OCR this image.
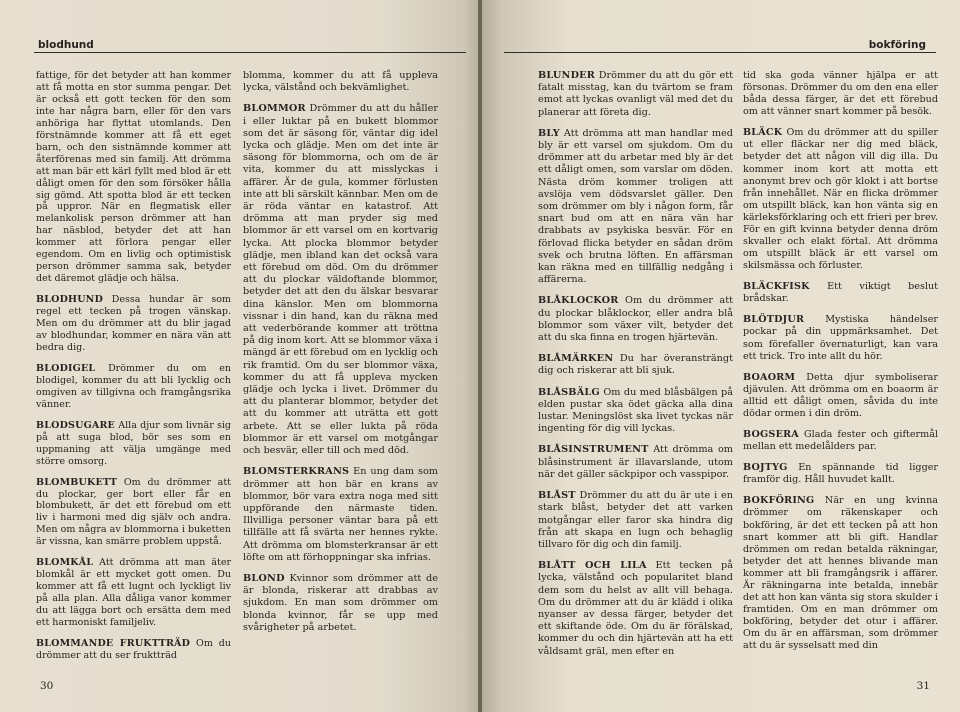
blodhund

fattige, för det betyder att han kommer att få motta en stor summa pengar. Det är också ett gott tecken för den som inte har några barn, eller för den vars anhöriga har flyttat utomlands. Den förstnämnde kommer att få ett eget barn, och den sistnämnde kommer att återförenas med sin familj. Att drömma att man bär ett kärl fyllt med blod är ett dåligt omen för den som försöker hålla sig gömd. Att spotta blod är ett tecken på uppror. När en flegmatisk eller melankolisk person drömmer att han har näsblod, betyder det att han kommer att förlora pengar eller egendom. Om en livlig och optimistisk person drömmer samma sak, betyder det däremot glädje och hälsa.

BLODHUND Dessa hundar är som regel ett tecken på trogen vänskap. Men om du drömmer att du blir jagad av blodhundar, kommer en nära vän att bedra dig.

BLODIGEL Drömmer du om en blodigel, kommer du att bli lycklig och omgiven av tillgivna och framgångsrika vänner.

BLODSUGARE Alla djur som livnär sig på att suga blod, bör ses som en uppmaning att välja umgänge med större omsorg.

BLOMBUKETT Om du drömmer att du plockar, ger bort eller får en blombukett, är det ett förebud om ett liv i harmoni med dig själv och andra. Men om några av blommorna i buketten är vissna, kan smärre problem uppstå.

BLOMKÅL Att drömma att man äter blomkål är ett mycket gott omen. Du kommer att få ett lugnt och lyckligt liv på alla plan. Alla dåliga vanor kommer du att lägga bort och ersätta dem med ett harmoniskt familjeliv.

BLOMMANDE FRUKTTRÄD Om du drömmer att du ser fruktträd

blomma, kommer du att få uppleva lycka, välstånd och bekvämlighet.

BLOMMOR Drömmer du att du håller i eller luktar på en bukett blommor som det är säsong för, väntar dig idel lycka och glädje. Men om det inte är säsong för blommorna, och om de är vita, kommer du att misslyckas i affärer. Är de gula, kommer förlusten inte att bli särskilt kännbar. Men om de är röda väntar en katastrof. Att drömma att man pryder sig med blommor är ett varsel om en kortvarig lycka. Att plocka blommor betyder glädje, men ibland kan det också vara ett förebud om död. Om du drömmer att du plockar väldoftande blommor, betyder det att den du älskar besvarar dina känslor. Men om blommorna vissnar i din hand, kan du räkna med att vederbörande kommer att tröttna på dig inom kort. Att se blommor växa i mängd är ett förebud om en lycklig och rik framtid. Om du ser blommor växa, kommer du att få uppleva mycken glädje och lycka i livet. Drömmer du att du planterar blommor, betyder det att du kommer att uträtta ett gott arbete. Att se eller lukta på röda blommor är ett varsel om motgångar och besvär, eller till och med död.

BLOMSTERKRANS En ung dam som drömmer att hon bär en krans av blommor, bör vara extra noga med sitt uppförande den närmaste tiden. Illvilliga personer väntar bara på ett tillfälle att få svärta ner hennes rykte. Att drömma om blomsterkransar är ett löfte om att förhoppningar ska infrias.

BLOND Kvinnor som drömmer att de är blonda, riskerar att drabbas av sjukdom. En man som drömmer om blonda kvinnor, får se upp med svårigheter på arbetet.

30
bokföring

BLUNDER Drömmer du att du gör ett fatalt misstag, kan du tvärtom se fram emot att lyckas ovanligt väl med det du planerar att företa dig.

BLY Att drömma att man handlar med bly är ett varsel om sjukdom. Om du drömmer att du arbetar med bly är det ett dåligt omen, som varslar om döden. Nästa dröm kommer troligen att avslöja vem dödsvarslet gäller. Den som drömmer om bly i någon form, får snart bud om att en nära vän har drabbats av psykiska besvär. För en förlovad flicka betyder en sådan dröm svek och brutna löften. En affärsman kan räkna med en tillfällig nedgång i affärerna.

BLÅKLOCKOR Om du drömmer att du plockar blåklockor, eller andra blå blommor som växer vilt, betyder det att du ska finna en trogen hjärtevän.

BLÅMÄRKEN Du har överansträngt dig och riskerar att bli sjuk.

BLÅSBÄLG Om du med blåsbälgen på elden pustar ska ödet gäcka alla dina lustar. Meningslöst ska livet tyckas när ingenting för dig vill lyckas.

BLÅSINSTRUMENT Att drömma om blåsinstrument är illavarslande, utom när det gäller säckpipor och vasspipor.

BLÅST Drömmer du att du är ute i en stark blåst, betyder det att varken motgångar eller faror ska hindra dig från att skapa en lugn och behaglig tillvaro för dig och din familj.

BLÅTT OCH LILA Ett tecken på lycka, välstånd och popularitet bland dem som du helst av allt vill behaga. Om du drömmer att du är klädd i olika nyanser av dessa färger, betyder det ett skiftande öde. Om du är förälskad, kommer du och din hjärtevän att ha ett våldsamt gräl, men efter en

tid ska goda vänner hjälpa er att försonas. Drömmer du om den ena eller båda dessa färger, är det ett förebud om att vänner snart kommer på besök.

BLÄCK Om du drömmer att du spiller ut eller fläckar ner dig med bläck, betyder det att någon vill dig illa. Du kommer inom kort att motta ett anonymt brev och gör klokt i att bortse från innehållet. När en flicka drömmer om utspillt bläck, kan hon vänta sig en kärleksförklaring och ett frieri per brev. För en gift kvinna betyder denna dröm skvaller och elakt förtal. Att drömma om utspillt bläck är ett varsel om skilsmässa och förluster.

BLÄCKFISK Ett viktigt beslut brådskar.

BLÖTDJUR Mystiska händelser pockar på din uppmärksamhet. Det som förefaller övernaturligt, kan vara ett trick. Tro inte allt du hör.

BOAORM Detta djur symboliserar djävulen. Att drömma om en boaorm är alltid ett dåligt omen, såvida du inte dödar ormen i din dröm.

BOGSERA Glada fester och giftermål mellan ett medelålders par.

BOJTYG En spännande tid ligger framför dig. Håll huvudet kallt.

BOKFÖRING När en ung kvinna drömmer om räkenskaper och bokföring, är det ett tecken på att hon snart kommer att bli gift. Handlar drömmen om redan betalda räkningar, betyder det att hennes blivande man kommer att bli framgångsrik i affärer. Är räkningarna inte betalda, innebär det att hon kan vänta sig stora skulder i framtiden. Om en man drömmer om bokföring, betyder det otur i affärer. Om du är en affärsman, som drömmer att du är sysselsatt med din

31
